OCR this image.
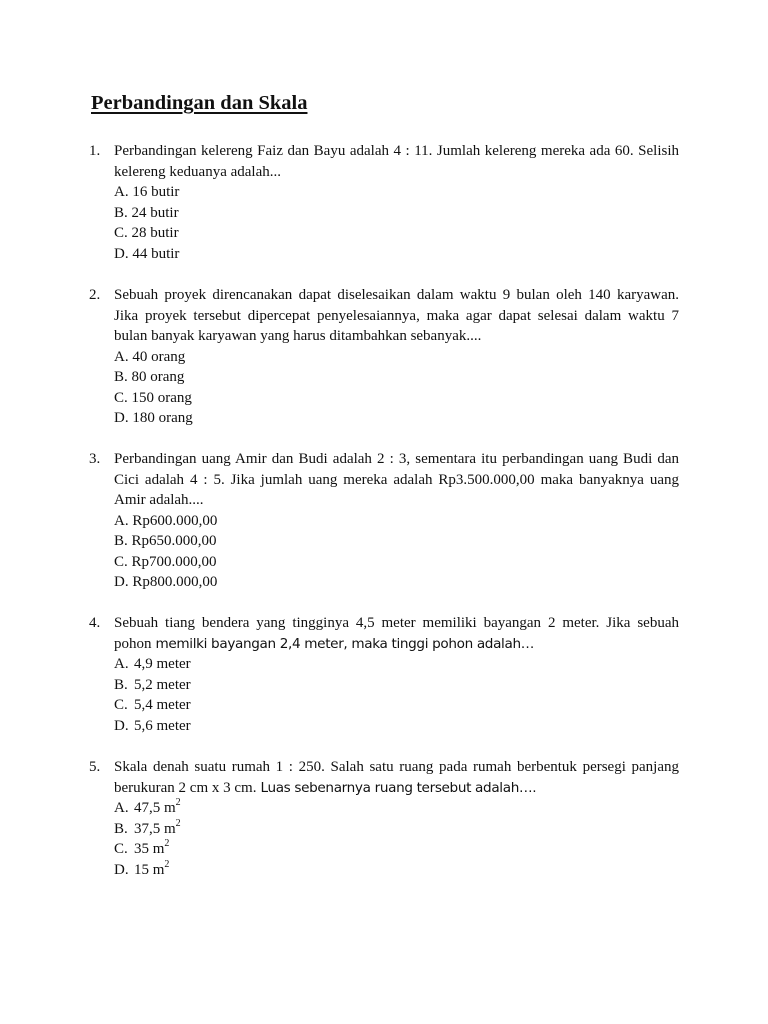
Perbandingan dan Skala
1. Perbandingan kelereng Faiz dan Bayu adalah 4 : 11. Jumlah kelereng mereka ada 60. Selisih kelereng keduanya adalah...
A. 16 butir
B. 24 butir
C. 28 butir
D. 44 butir
2. Sebuah proyek direncanakan dapat diselesaikan dalam waktu 9 bulan oleh 140 karyawan. Jika proyek tersebut dipercepat penyelesaiannya, maka agar dapat selesai dalam waktu 7 bulan banyak karyawan yang harus ditambahkan sebanyak....
A. 40 orang
B. 80 orang
C. 150 orang
D. 180 orang
3. Perbandingan uang Amir dan Budi adalah 2 : 3, sementara itu perbandingan uang Budi dan Cici adalah 4 : 5. Jika jumlah uang mereka adalah Rp3.500.000,00 maka banyaknya uang Amir adalah....
A. Rp600.000,00
B. Rp650.000,00
C. Rp700.000,00
D. Rp800.000,00
4. Sebuah tiang bendera yang tingginya 4,5 meter memiliki bayangan 2 meter. Jika sebuah pohon memilki bayangan 2,4 meter, maka tinggi pohon adalah…
A. 4,9 meter
B. 5,2 meter
C. 5,4 meter
D. 5,6 meter
5. Skala denah suatu rumah 1 : 250. Salah satu ruang pada rumah berbentuk persegi panjang berukuran 2 cm x 3 cm. Luas sebenarnya ruang tersebut adalah….
A. 47,5 $m^2$
B. 37,5 $m^2$
C. 35 $m^2$
D. 15 $m^2$
